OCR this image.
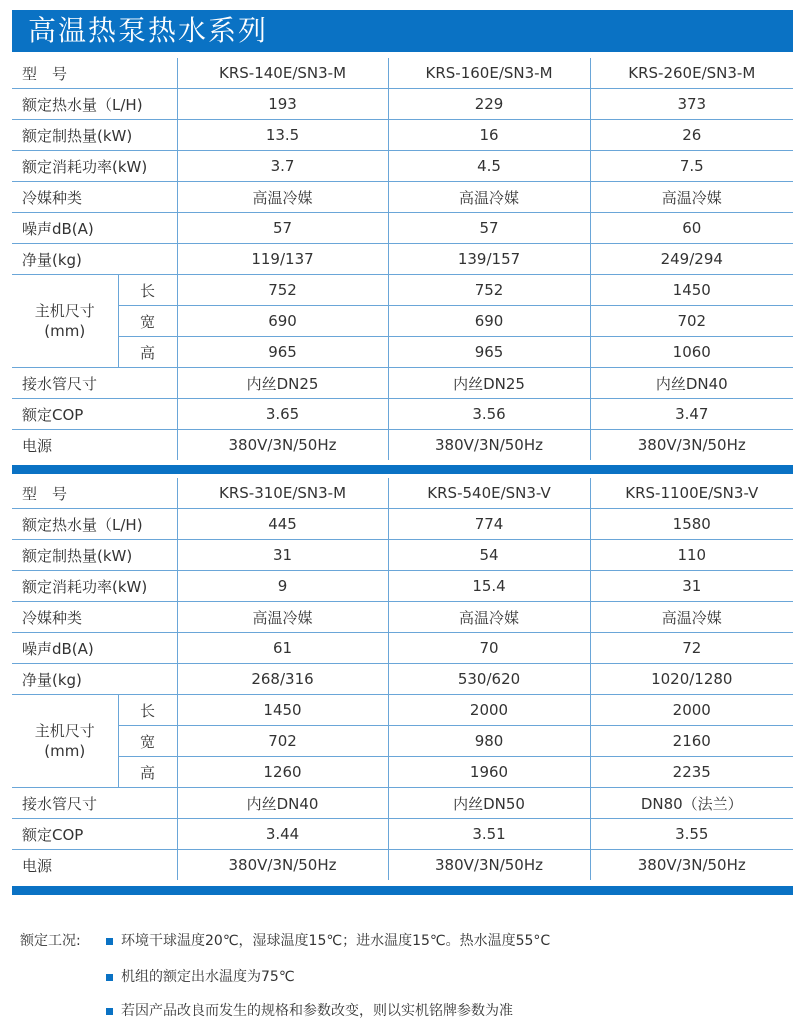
高温热泵热水系列
型　号		KRS-140E/SN3-M	KRS-160E/SN3-M	KRS-260E/SN3-M
额定热水量（L/H)		193	229	373
额定制热量(kW)		13.5	16	26
额定消耗功率(kW)		3.7	4.5	7.5
冷媒种类		高温冷媒	高温冷媒	高温冷媒
噪声dB(A)		57	57	60
净量(kg)		119/137	139/157	249/294
主机尺寸
(mm)	长	752	752	1450
	宽	690	690	702
	高	965	965	1060
接水管尺寸		内丝DN25	内丝DN25	内丝DN40
额定COP		3.65	3.56	3.47
电源		380V/3N/50Hz	380V/3N/50Hz	380V/3N/50Hz
型　号		KRS-310E/SN3-M	KRS-540E/SN3-V	KRS-1100E/SN3-V
额定热水量（L/H)		445	774	1580
额定制热量(kW)		31	54	110
额定消耗功率(kW)		9	15.4	31
冷媒种类		高温冷媒	高温冷媒	高温冷媒
噪声dB(A)		61	70	72
净量(kg)		268/316	530/620	1020/1280
主机尺寸
(mm)	长	1450	2000	2000
	宽	702	980	2160
	高	1260	1960	2235
接水管尺寸		内丝DN40	内丝DN50	DN80（法兰）
额定COP		3.44	3.51	3.55
电源		380V/3N/50Hz	380V/3N/50Hz	380V/3N/50Hz
额定工况:	环境干球温度20℃，湿球温度15℃；进水温度15℃。热水温度55°C
机组的额定出水温度为75℃
若因产品改良而发生的规格和参数改变，则以实机铭牌参数为准
